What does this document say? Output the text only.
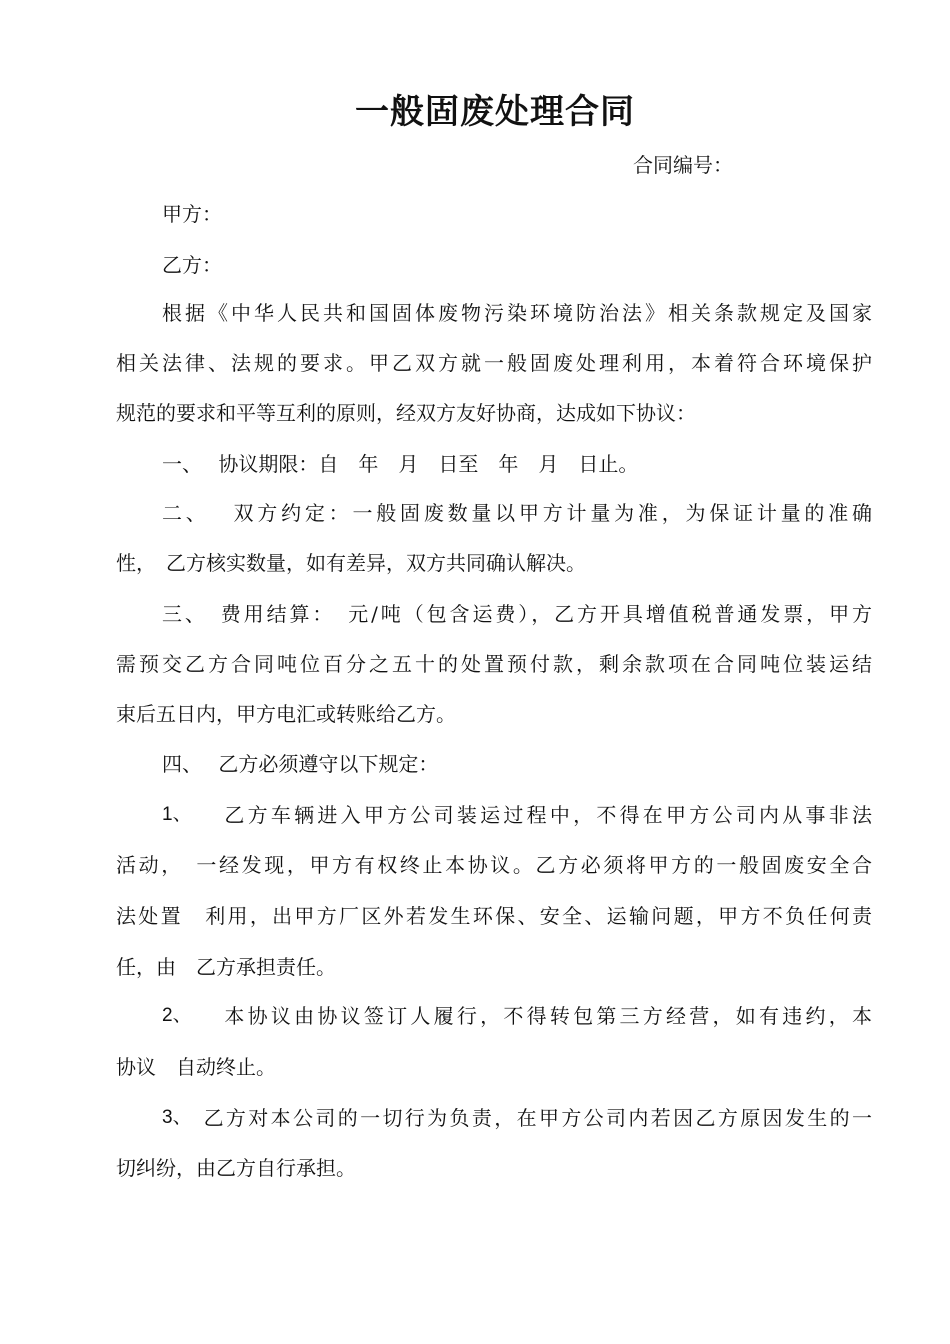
一般固废处理合同
合同编号：
甲方：
乙方：
根据《中华人民共和国固体废物污染环境防治法》相关条款规定及国家
相关法律、法规的要求。甲乙双方就一般固废处理利用，本着符合环境保护
规范的要求和平等互利的原则，经双方友好协商，达成如下协议：
一、　 协议期限：自　年　月　日至　年　月　日止。
二、　 双方约定：一般固废数量以甲方计量为准，为保证计量的准确
性，　乙方核实数量，如有差异，双方共同确认解决。
三、　费用结算：　元/吨（包含运费），乙方开具增值税普通发票，甲方
需预交乙方合同吨位百分之五十的处置预付款，剩余款项在合同吨位装运结
束后五日内，甲方电汇或转账给乙方。
四、　 乙方必须遵守以下规定：
1、 　 乙方车辆进入甲方公司装运过程中，不得在甲方公司内从事非法
活动，　一经发现，甲方有权终止本协议。乙方必须将甲方的一般固废安全合
法处置　利用，出甲方厂区外若发生环保、安全、运输问题，甲方不负任何责
任，由　乙方承担责任。
2、 　 本协议由协议签订人履行，不得转包第三方经营，如有违约，本
协议　自动终止。
3、 乙方对本公司的一切行为负责，在甲方公司内若因乙方原因发生的一
切纠纷，由乙方自行承担。
